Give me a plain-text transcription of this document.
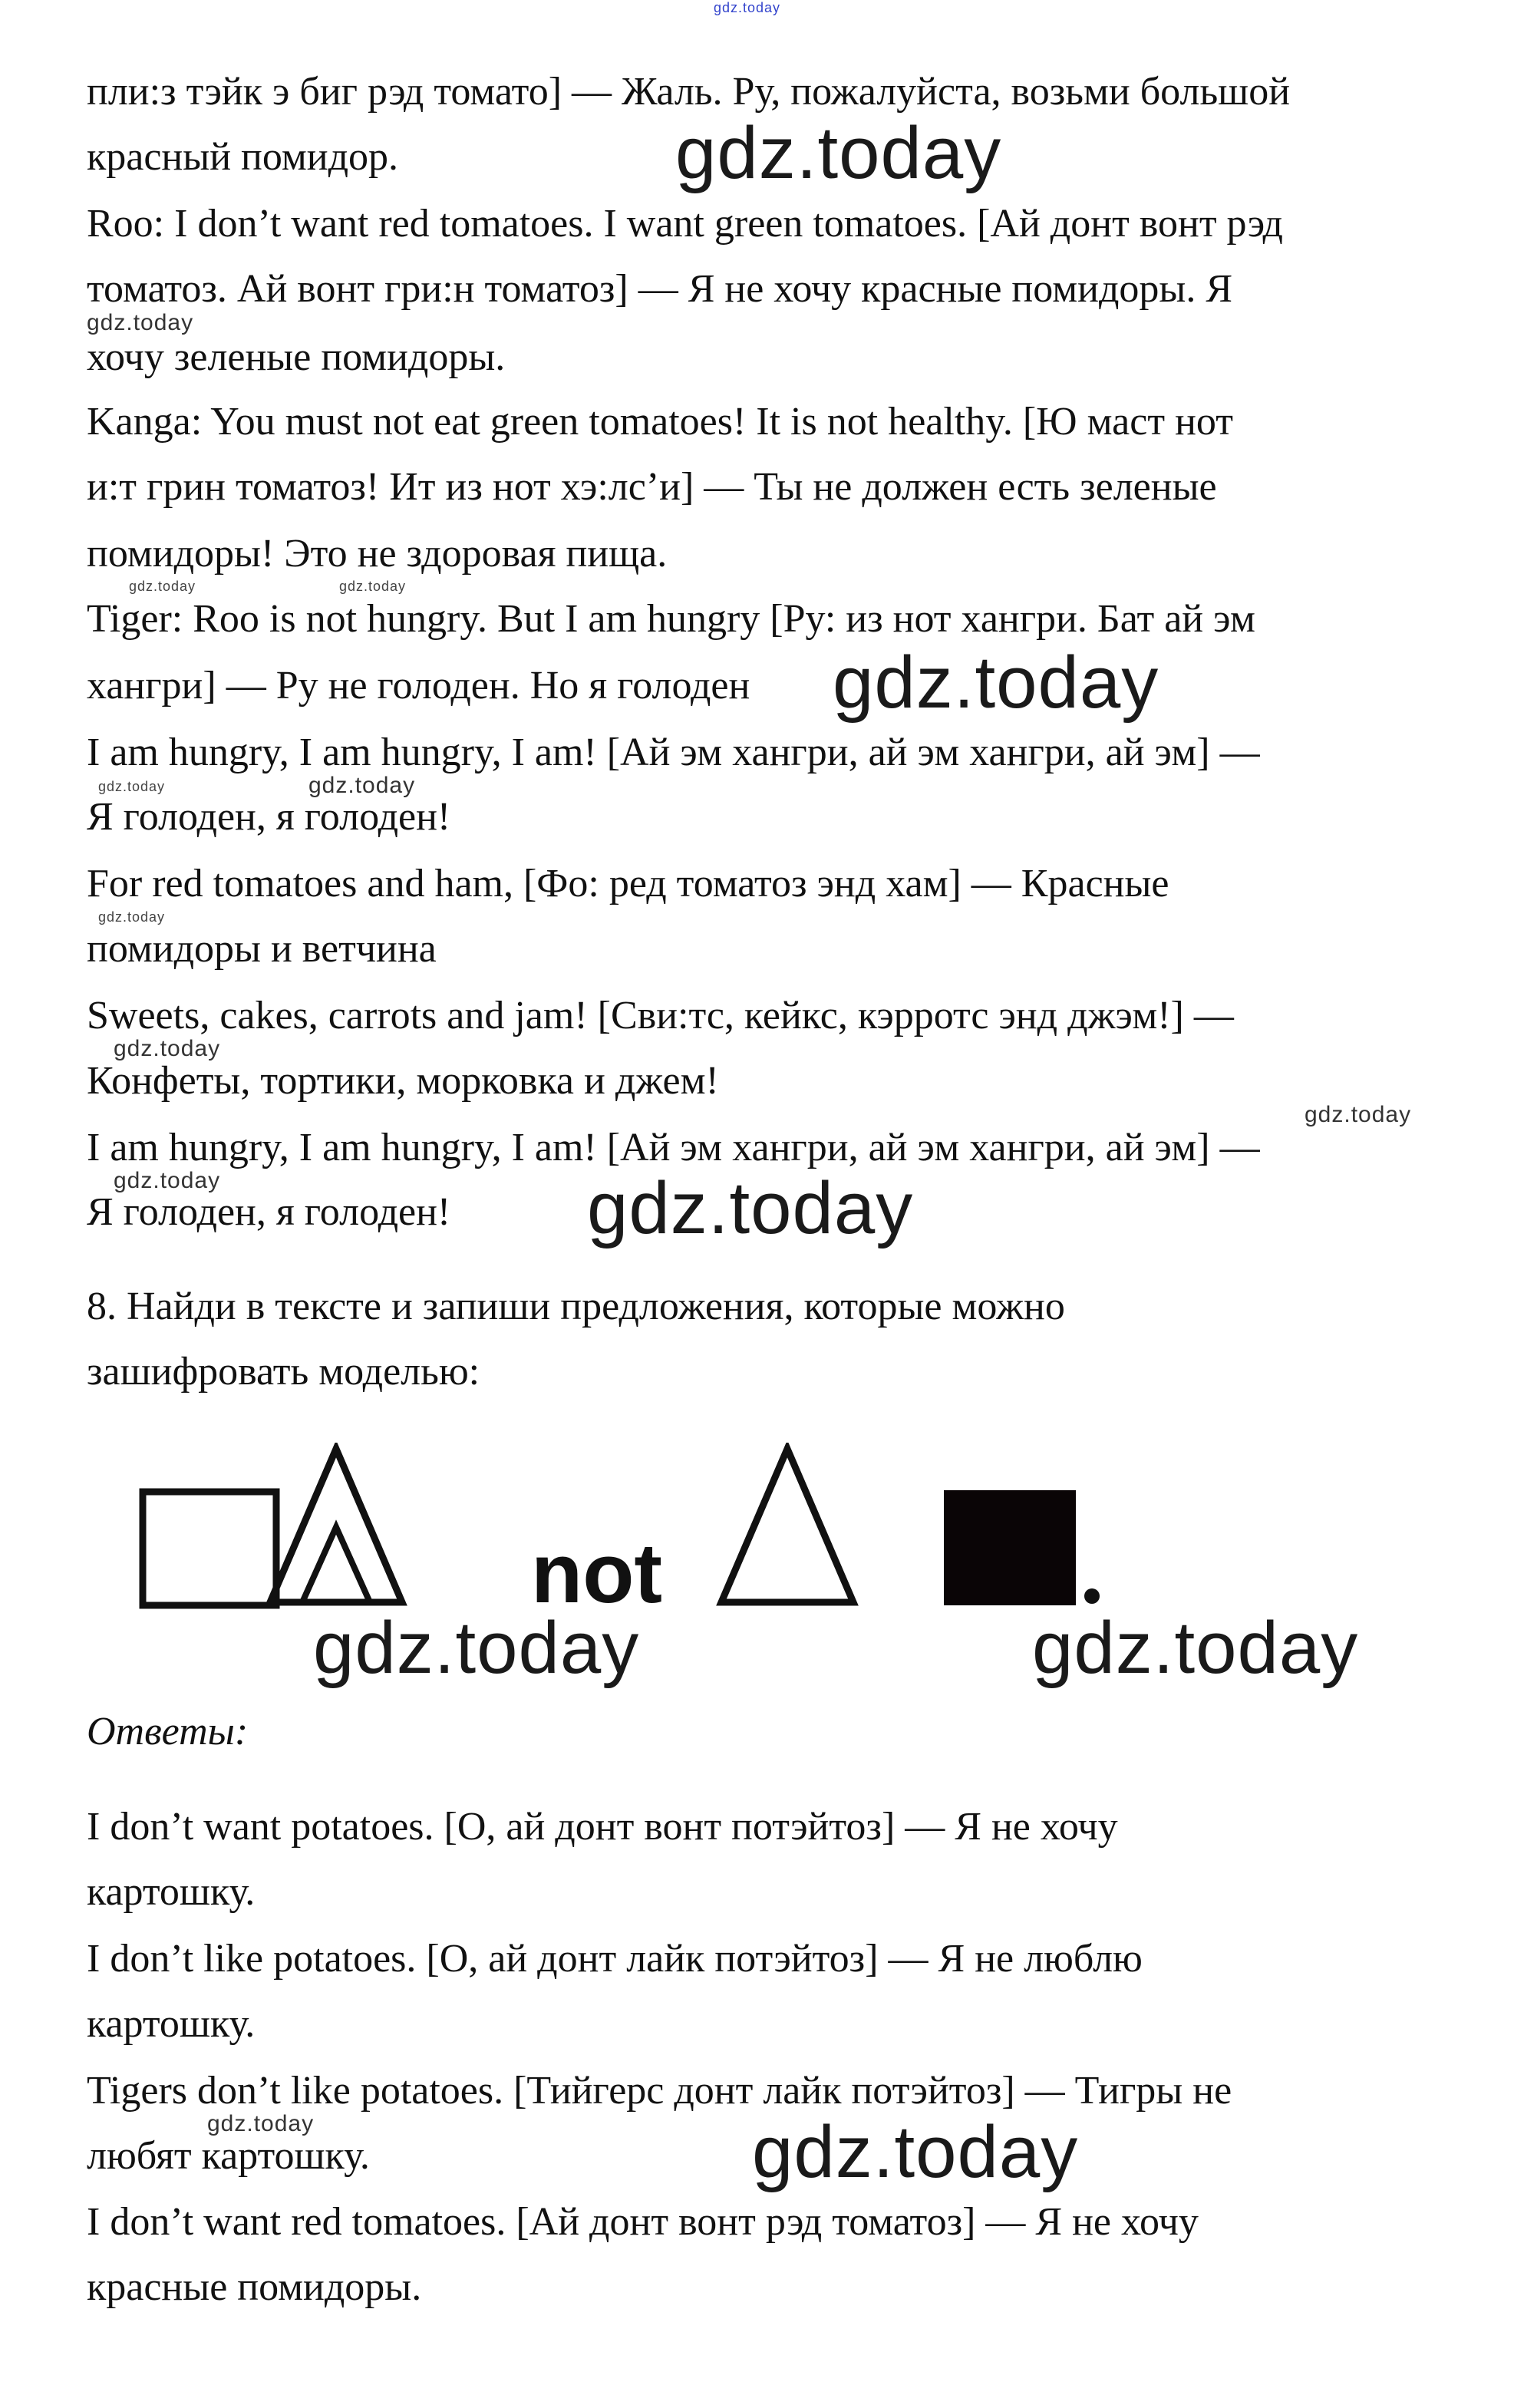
gdz.today
пли:з тэйк э биг рэд томато] — Жаль. Ру, пожалуйста, возьми большой
красный помидор.
Roo: I don’t want red tomatoes. I want green tomatoes. [Ай донт вонт рэд
томатоз. Ай вонт гри:н томатоз] — Я не хочу красные помидоры. Я
хочу зеленые помидоры.
Kanga: You must not eat green tomatoes! It is not healthy. [Ю маст нот
и:т грин томатоз! Ит из нот хэ:лс’и] — Ты не должен есть зеленые
помидоры! Это не здоровая пища.
Tiger: Roo is not hungry. But I am hungry [Ру: из нот хангри. Бат ай эм
хангри] — Ру не голоден. Но я голоден
I am hungry, I am hungry, I am! [Ай эм хангри, ай эм хангри, ай эм] —
Я голоден, я голоден!
For red tomatoes and ham, [Фо: ред томатоз энд хам] — Красные
помидоры и ветчина
Sweets, cakes, carrots and jam! [Сви:тс, кейкс, кэрротс энд джэм!] —
Конфеты, тортики, морковка и джем!
I am hungry, I am hungry, I am! [Ай эм хангри, ай эм хангри, ай эм] —
Я голоден, я голоден!
8. Найди в тексте и запиши предложения, которые можно
зашифровать моделью:
Ответы:
I don’t want potatoes. [О, ай донт вонт потэйтоз] — Я не хочу
картошку.
I don’t like potatoes. [О, ай донт лайк потэйтоз] — Я не люблю
картошку.
Tigers don’t like potatoes. [Тийгерс донт лайк потэйтоз] — Тигры не
любят картошку.
I don’t want red tomatoes. [Ай донт вонт рэд томатоз] — Я не хочу
красные помидоры.
not
gdz.today
gdz.today
gdz.today
gdz.today	gdz.today
gdz.today
gdz.today
gdz.today	gdz.today
gdz.today
gdz.today
gdz.today
gdz.today
gdz.today
gdz.today
gdz.today
